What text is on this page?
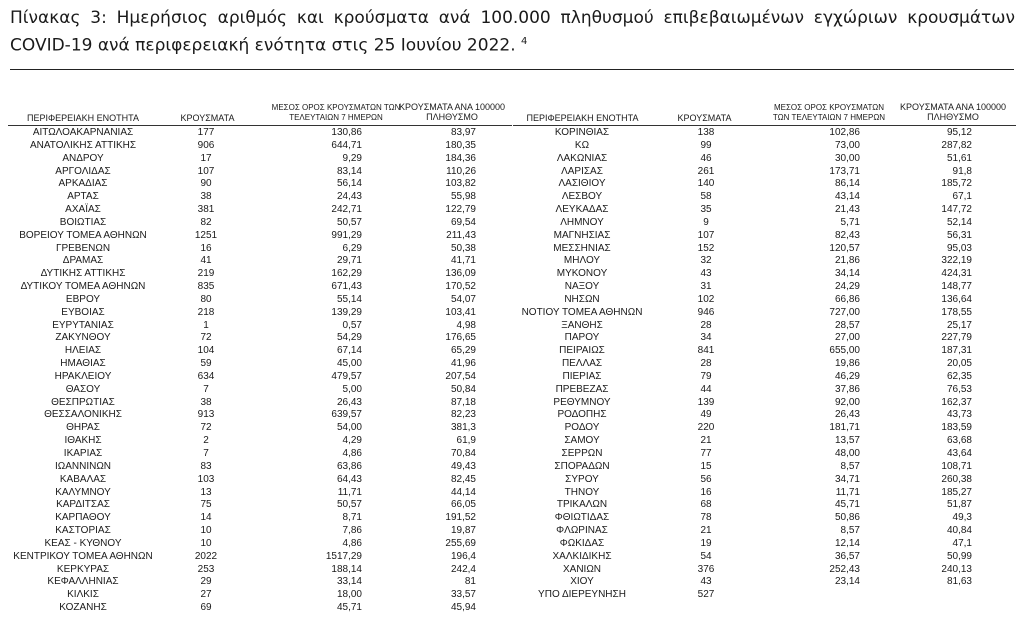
Πίνακας 3: Ημερήσιος αριθμός και κρούσματα ανά 100.000 πληθυσμού επιβεβαιωμένων εγχώριων κρουσμάτων COVID-19 ανά περιφερειακή ενότητα στις 25 Ιουνίου 2022. $^4$
ΠΕΡΙΦΕΡΕΙΑΚΗ ΕΝΟΤΗΤΑ	ΚΡΟΥΣΜΑΤΑ
ΜΕΣΟΣ ΟΡΟΣ ΚΡΟΥΣΜΑΤΩΝ ΤΩΝ ΤΕΛΕΥΤΑΙΩΝ 7 ΗΜΕΡΩΝ
ΚΡΟΥΣΜΑΤΑ ΑΝΑ 100000 ΠΛΗΘΥΣΜΟ
ΑΙΤΩΛΟΑΚΑΡΝΑΝΙΑΣ	177	130,86	83,97
ΑΝΑΤΟΛΙΚΗΣ ΑΤΤΙΚΗΣ	906	644,71	180,35
ΑΝΔΡΟΥ	17	9,29	184,36
ΑΡΓΟΛΙΔΑΣ	107	83,14	110,26
ΑΡΚΑΔΙΑΣ	90	56,14	103,82
ΑΡΤΑΣ	38	24,43	55,98
ΑΧΑΪΑΣ	381	242,71	122,79
ΒΟΙΩΤΙΑΣ	82	50,57	69,54
ΒΟΡΕΙΟΥ ΤΟΜΕΑ ΑΘΗΝΩΝ	1251	991,29	211,43
ΓΡΕΒΕΝΩΝ	16	6,29	50,38
ΔΡΑΜΑΣ	41	29,71	41,71
ΔΥΤΙΚΗΣ ΑΤΤΙΚΗΣ	219	162,29	136,09
ΔΥΤΙΚΟΥ ΤΟΜΕΑ ΑΘΗΝΩΝ	835	671,43	170,52
ΕΒΡΟΥ	80	55,14	54,07
ΕΥΒΟΙΑΣ	218	139,29	103,41
ΕΥΡΥΤΑΝΙΑΣ	1	0,57	4,98
ΖΑΚΥΝΘΟΥ	72	54,29	176,65
ΗΛΕΙΑΣ	104	67,14	65,29
ΗΜΑΘΙΑΣ	59	45,00	41,96
ΗΡΑΚΛΕΙΟΥ	634	479,57	207,54
ΘΑΣΟΥ	7	5,00	50,84
ΘΕΣΠΡΩΤΙΑΣ	38	26,43	87,18
ΘΕΣΣΑΛΟΝΙΚΗΣ	913	639,57	82,23
ΘΗΡΑΣ	72	54,00	381,3
ΙΘΑΚΗΣ	2	4,29	61,9
ΙΚΑΡΙΑΣ	7	4,86	70,84
ΙΩΑΝΝΙΝΩΝ	83	63,86	49,43
ΚΑΒΑΛΑΣ	103	64,43	82,45
ΚΑΛΥΜΝΟΥ	13	11,71	44,14
ΚΑΡΔΙΤΣΑΣ	75	50,57	66,05
ΚΑΡΠΑΘΟΥ	14	8,71	191,52
ΚΑΣΤΟΡΙΑΣ	10	7,86	19,87
ΚΕΑΣ - ΚΥΘΝΟΥ	10	4,86	255,69
ΚΕΝΤΡΙΚΟΥ ΤΟΜΕΑ ΑΘΗΝΩΝ	2022	1517,29	196,4
ΚΕΡΚΥΡΑΣ	253	188,14	242,4
ΚΕΦΑΛΛΗΝΙΑΣ	29	33,14	81
ΚΙΛΚΙΣ	27	18,00	33,57
ΚΟΖΑΝΗΣ	69	45,71	45,94
ΠΕΡΙΦΕΡΕΙΑΚΗ ΕΝΟΤΗΤΑ	ΚΡΟΥΣΜΑΤΑ
ΜΕΣΟΣ ΟΡΟΣ ΚΡΟΥΣΜΑΤΩΝ ΤΩΝ ΤΕΛΕΥΤΑΙΩΝ 7 ΗΜΕΡΩΝ
ΚΡΟΥΣΜΑΤΑ ΑΝΑ 100000 ΠΛΗΘΥΣΜΟ
ΚΟΡΙΝΘΙΑΣ	138	102,86	95,12
ΚΩ	99	73,00	287,82
ΛΑΚΩΝΙΑΣ	46	30,00	51,61
ΛΑΡΙΣΑΣ	261	173,71	91,8
ΛΑΣΙΘΙΟΥ	140	86,14	185,72
ΛΕΣΒΟΥ	58	43,14	67,1
ΛΕΥΚΑΔΑΣ	35	21,43	147,72
ΛΗΜΝΟΥ	9	5,71	52,14
ΜΑΓΝΗΣΙΑΣ	107	82,43	56,31
ΜΕΣΣΗΝΙΑΣ	152	120,57	95,03
ΜΗΛΟΥ	32	21,86	322,19
ΜΥΚΟΝΟΥ	43	34,14	424,31
ΝΑΞΟΥ	31	24,29	148,77
ΝΗΣΩΝ	102	66,86	136,64
ΝΟΤΙΟΥ ΤΟΜΕΑ ΑΘΗΝΩΝ	946	727,00	178,55
ΞΑΝΘΗΣ	28	28,57	25,17
ΠΑΡΟΥ	34	27,00	227,79
ΠΕΙΡΑΙΩΣ	841	655,00	187,31
ΠΕΛΛΑΣ	28	19,86	20,05
ΠΙΕΡΙΑΣ	79	46,29	62,35
ΠΡΕΒΕΖΑΣ	44	37,86	76,53
ΡΕΘΥΜΝΟΥ	139	92,00	162,37
ΡΟΔΟΠΗΣ	49	26,43	43,73
ΡΟΔΟΥ	220	181,71	183,59
ΣΑΜΟΥ	21	13,57	63,68
ΣΕΡΡΩΝ	77	48,00	43,64
ΣΠΟΡΑΔΩΝ	15	8,57	108,71
ΣΥΡΟΥ	56	34,71	260,38
ΤΗΝΟΥ	16	11,71	185,27
ΤΡΙΚΑΛΩΝ	68	45,71	51,87
ΦΘΙΩΤΙΔΑΣ	78	50,86	49,3
ΦΛΩΡΙΝΑΣ	21	8,57	40,84
ΦΩΚΙΔΑΣ	19	12,14	47,1
ΧΑΛΚΙΔΙΚΗΣ	54	36,57	50,99
ΧΑΝΙΩΝ	376	252,43	240,13
ΧΙΟΥ	43	23,14	81,63
ΥΠΟ ΔΙΕΡΕΥΝΗΣΗ	527
